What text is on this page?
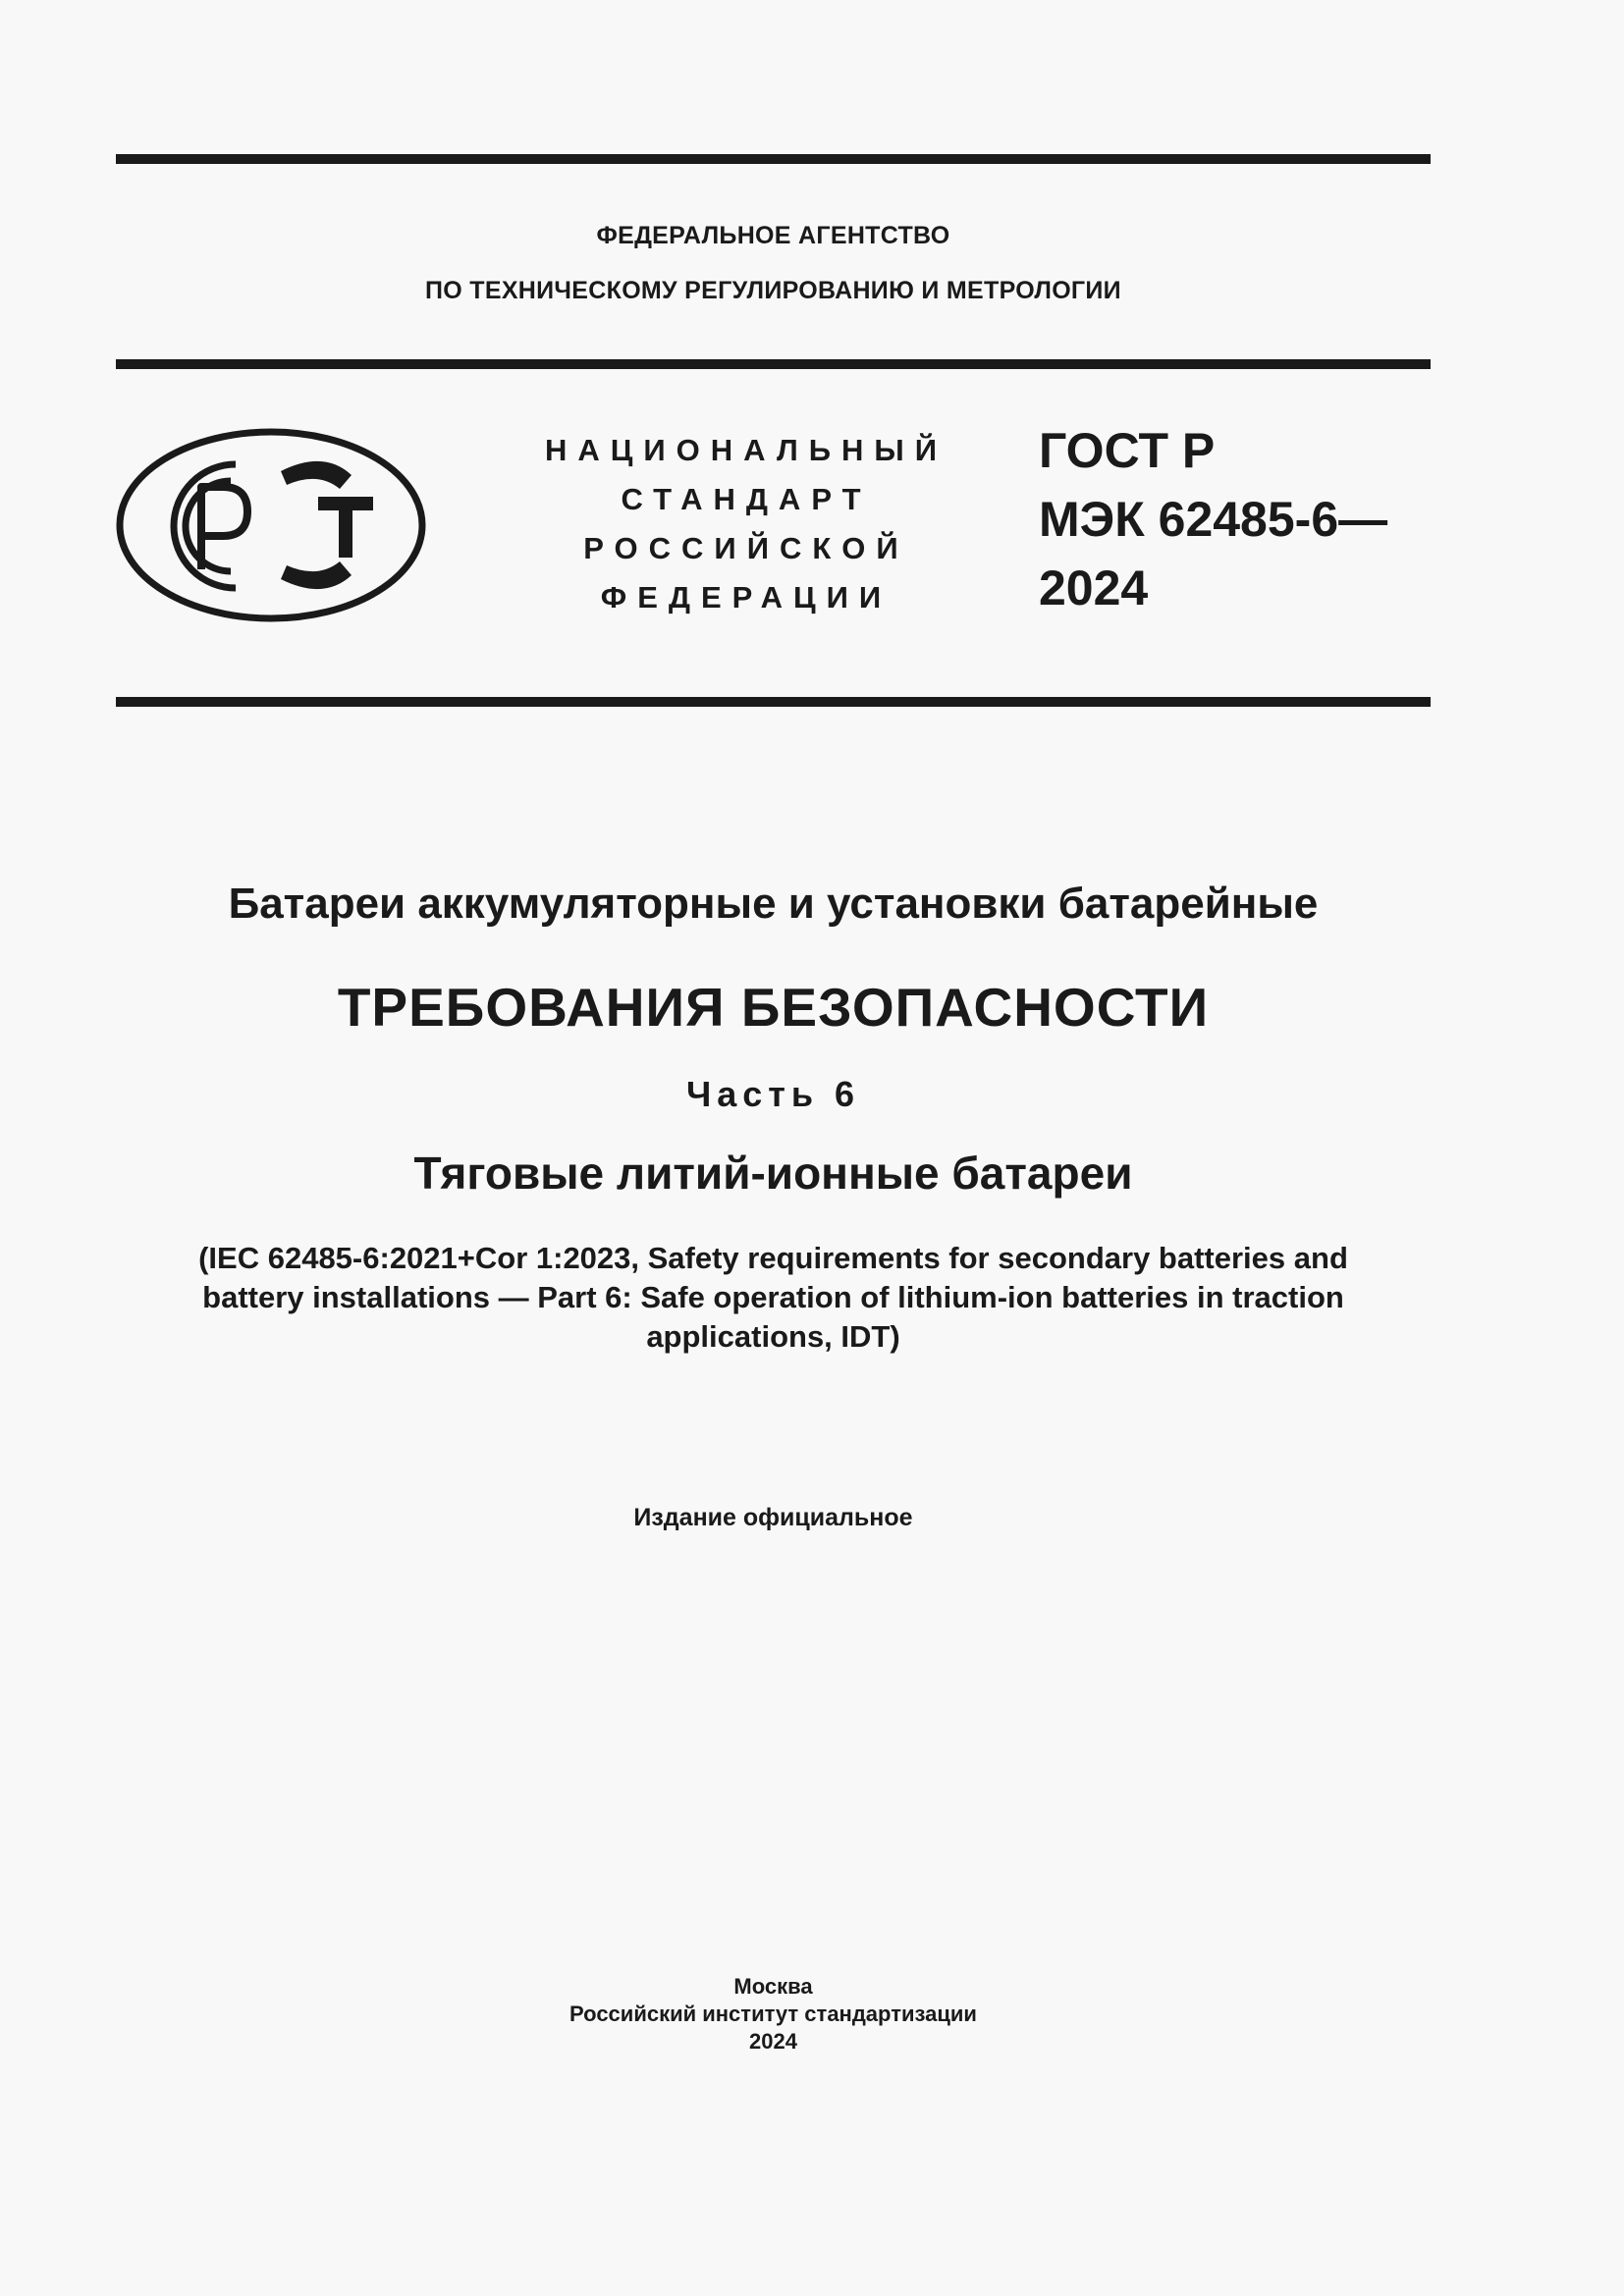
ФЕДЕРАЛЬНОЕ АГЕНТСТВО
ПО ТЕХНИЧЕСКОМУ РЕГУЛИРОВАНИЮ И МЕТРОЛОГИИ
НАЦИОНАЛЬНЫЙ
СТАНДАРТ
РОССИЙСКОЙ
ФЕДЕРАЦИИ
ГОСТ Р
МЭК 62485-6—
2024
Батареи аккумуляторные и установки батарейные
ТРЕБОВАНИЯ БЕЗОПАСНОСТИ
Часть 6
Тяговые литий-ионные батареи
(IEC 62485-6:2021+Cor 1:2023, Safety requirements for secondary batteries and
battery installations — Part 6: Safe operation of lithium-ion batteries in traction
applications, IDT)
Издание официальное
Москва
Российский институт стандартизации
2024
